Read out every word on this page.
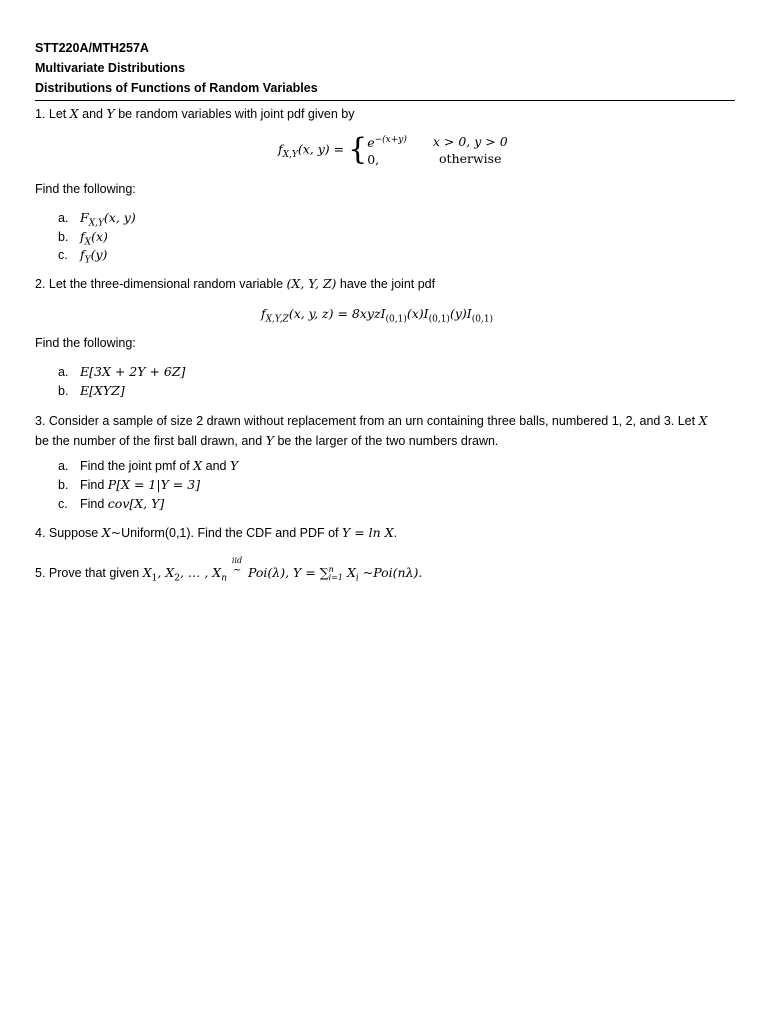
STT220A/MTH257A
Multivariate Distributions
Distributions of Functions of Random Variables
1. Let X and Y be random variables with joint pdf given by
$f_{X,Y}(x$, $y) = \{e^{-(x+y)}$
0,x > 0, y > 0
otherwise
Find the following:
a. $F_{X,Y}(x$, y)
b. $f_X(x)$
c. $f_Y(y)$
2. Let the three-dimensional random variable (X, Y, Z) have the joint pdf
$f_{X,Y,Z}(x$, y, $z) = 8xyzI_{(0,1)}(x)I_{(0,1)}(y)I_{(0,1)}$
Find the following:
a. E[3X + 2Y + 6Z]
b. E[XYZ]
3. Consider a sample of size 2 drawn without replacement from an urn containing three balls, numbered 1, 2, and 3. Let X
be the number of the first ball drawn, and Y be the larger of the two numbers drawn.
a. Find the joint pmf of X and Y
b. Find P[X = 1|Y = 3]
c. Find cov[X, Y]
4. Suppose X~Uniform(0,1). Find the CDF and PDF of Y = ln X.
5. Prove that given $X_1$, $X_2$, … , $X_n$
iid
~ Poi(λ), Y = ∑ n
i=1 $X_i$ ~Poi(nλ).
